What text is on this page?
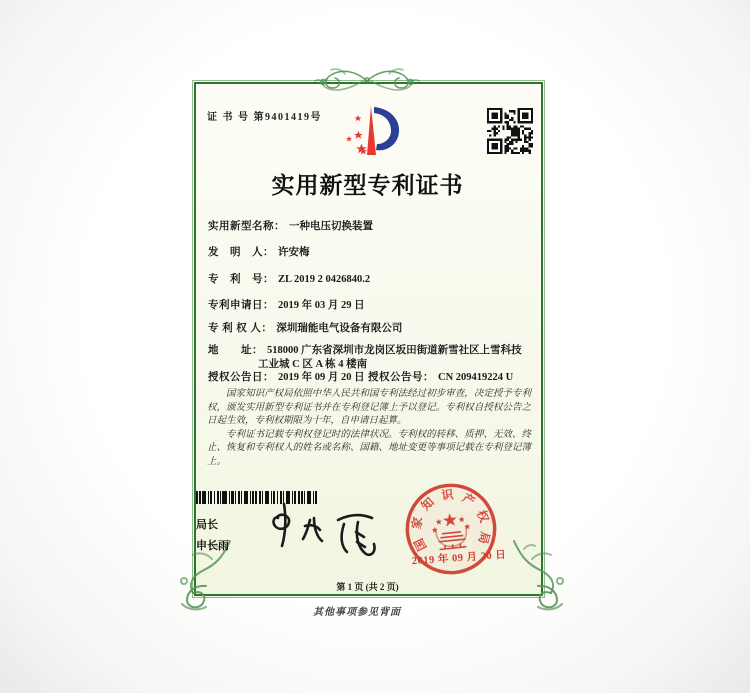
证 书 号 第9401419号
实用新型专利证书
实用新型名称： 一种电压切换装置
发　明　人： 许安梅
专　利　号： ZL 2019 2 0426840.2
专利申请日： 2019 年 03 月 29 日
专 利 权 人： 深圳瑞能电气设备有限公司
地　　址： 518000 广东省深圳市龙岗区坂田街道新雪社区上雪科技
工业城 C 区 A 栋 4 楼南
授权公告日： 2019 年 09 月 20 日 授权公告号： CN 209419224 U

国家知识产权局依照中华人民共和国专利法经过初步审查，决定授予专利权，颁发实用新型专利证书并在专利登记簿上予以登记。专利权自授权公告之日起生效，专利权期限为十年，自申请日起算。

专利证书记载专利权登记时的法律状况。专利权的转移、质押、无效、终止、恢复和专利权人的姓名或名称、国籍、地址变更等事项记载在专利登记簿上。

局长
申长雨	国
家
知 识 产
权
局
2019 年 09 月 20 日
第 1 页 (共 2 页)
其他事项参见背面
